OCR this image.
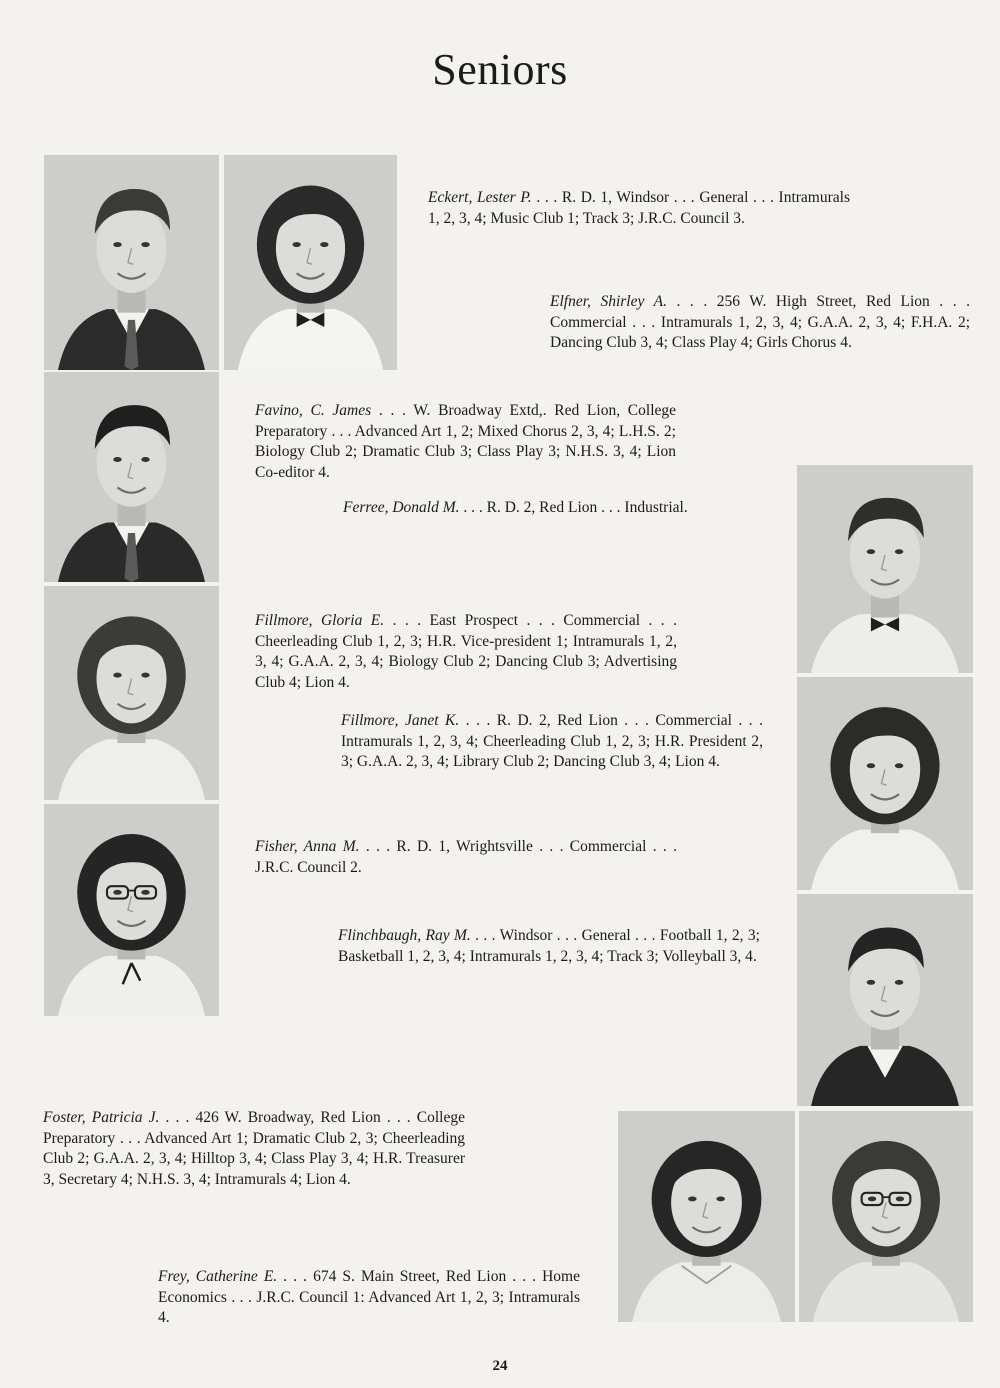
Seniors
Eckert, Lester P. . . . R. D. 1, Windsor . . . General . . . Intramurals 1, 2, 3, 4; Music Club 1; Track 3; J.R.C. Council 3.
Elfner, Shirley A. . . . 256 W. High Street, Red Lion . . . Commercial . . . Intramurals 1, 2, 3, 4; G.A.A. 2, 3, 4; F.H.A. 2; Dancing Club 3, 4; Class Play 4; Girls Chorus 4.
Favino, C. James . . . W. Broadway Extd,. Red Lion, College Preparatory . . . Advanced Art 1, 2; Mixed Chorus 2, 3, 4; L.H.S. 2; Biology Club 2; Dramatic Club 3; Class Play 3; N.H.S. 3, 4; Lion Co-editor 4.
Ferree, Donald M. . . . R. D. 2, Red Lion . . . Industrial.
Fillmore, Gloria E. . . . East Prospect . . . Commercial . . . Cheerleading Club 1, 2, 3; H.R. Vice-president 1; Intramurals 1, 2, 3, 4; G.A.A. 2, 3, 4; Biology Club 2; Dancing Club 3; Advertising Club 4; Lion 4.
Fillmore, Janet K. . . . R. D. 2, Red Lion . . . Commercial . . . Intramurals 1, 2, 3, 4; Cheerleading Club 1, 2, 3; H.R. President 2, 3; G.A.A. 2, 3, 4; Library Club 2; Dancing Club 3, 4; Lion 4.
Fisher, Anna M. . . . R. D. 1, Wrightsville . . . Commercial . . . J.R.C. Council 2.
Flinchbaugh, Ray M. . . . Windsor . . . General . . . Football 1, 2, 3; Basketball 1, 2, 3, 4; Intramurals 1, 2, 3, 4; Track 3; Volleyball 3, 4.
Foster, Patricia J. . . . 426 W. Broadway, Red Lion . . . College Preparatory . . . Advanced Art 1; Dramatic Club 2, 3; Cheerleading Club 2; G.A.A. 2, 3, 4; Hilltop 3, 4; Class Play 3, 4; H.R. Treasurer 3, Secretary 4; N.H.S. 3, 4; Intramurals 4; Lion 4.
Frey, Catherine E. . . . 674 S. Main Street, Red Lion . . . Home Economics . . . J.R.C. Council 1: Advanced Art 1, 2, 3; Intramurals 4.
24
